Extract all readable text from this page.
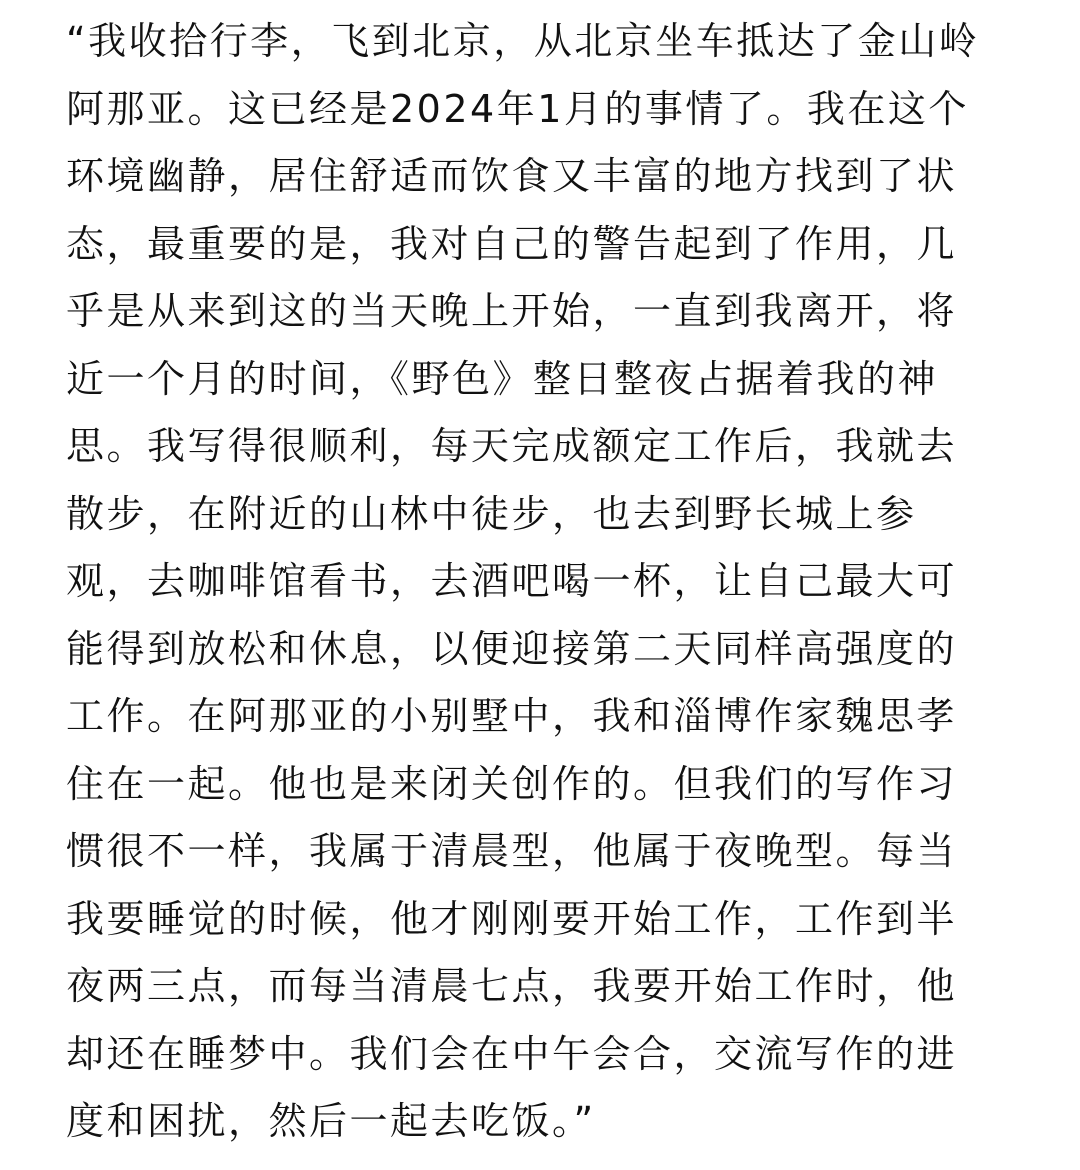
“我收拾行李，飞到北京，从北京坐车抵达了金山岭
阿那亚。这已经是2024年1月的事情了。我在这个
环境幽静，居住舒适而饮食又丰富的地方找到了状
态，最重要的是，我对自己的警告起到了作用，几
乎是从来到这的当天晚上开始，一直到我离开，将
近一个月的时间，《野色》整日整夜占据着我的神
思。我写得很顺利，每天完成额定工作后，我就去
散步，在附近的山林中徒步，也去到野长城上参
观，去咖啡馆看书，去酒吧喝一杯，让自己最大可
能得到放松和休息，以便迎接第二天同样高强度的
工作。在阿那亚的小别墅中，我和淄博作家魏思孝
住在一起。他也是来闭关创作的。但我们的写作习
惯很不一样，我属于清晨型，他属于夜晚型。每当
我要睡觉的时候，他才刚刚要开始工作，工作到半
夜两三点，而每当清晨七点，我要开始工作时，他
却还在睡梦中。我们会在中午会合，交流写作的进
度和困扰，然后一起去吃饭。”
